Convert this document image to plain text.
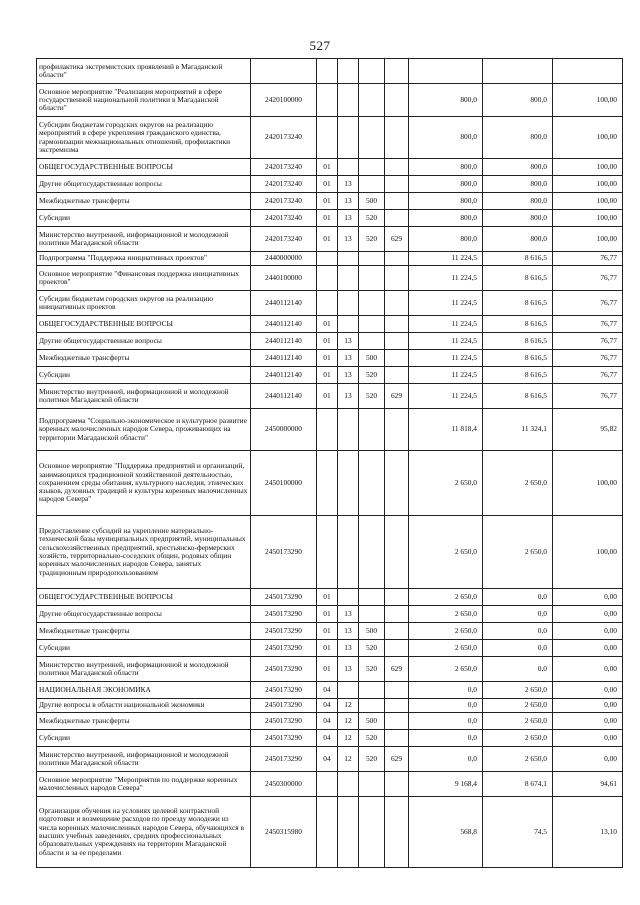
527
профилактика экстремистских проявлений в Магаданской области"								
Основное мероприятие "Реализация мероприятий в сфере государственной национальной политики в Магаданской области"	2420100000					800,0	800,0	100,00
Субсидии бюджетам городских округов на реализацию мероприятий в сфере укрепления гражданского единства, гармонизации межнациональных отношений, профилактики экстремизма	2420173240					800,0	800,0	100,00
ОБЩЕГОСУДАРСТВЕННЫЕ ВОПРОСЫ	2420173240	01				800,0	800,0	100,00
Другие общегосударственные вопросы	2420173240	01	13			800,0	800,0	100,00
Межбюджетные трансферты	2420173240	01	13	500		800,0	800,0	100,00
Субсидии	2420173240	01	13	520		800,0	800,0	100,00
Министерство внутренней, информационной и молодежной политики Магаданской области	2420173240	01	13	520	629	800,0	800,0	100,00
Подпрограмма "Поддержка инициативных проектов"	2440000000					11 224,5	8 616,5	76,77
Основное мероприятие "Финансовая поддержка инициативных проектов"	2440100000					11 224,5	8 616,5	76,77
Субсидии бюджетам городских округов на реализацию инициативных проектов	2440112140					11 224,5	8 616,5	76,77
ОБЩЕГОСУДАРСТВЕННЫЕ ВОПРОСЫ	2440112140	01				11 224,5	8 616,5	76,77
Другие общегосударственные вопросы	2440112140	01	13			11 224,5	8 616,5	76,77
Межбюджетные трансферты	2440112140	01	13	500		11 224,5	8 616,5	76,77
Субсидии	2440112140	01	13	520		11 224,5	8 616,5	76,77
Министерство внутренней, информационной и молодежной политики Магаданской области	2440112140	01	13	520	629	11 224,5	8 616,5	76,77
Подпрограмма "Социально-экономическое и культурное развитие коренных малочисленных народов Севера, проживающих на территории Магаданской области"	2450000000					11 818,4	11 324,1	95,82
Основное мероприятие "Поддержка предприятий и организаций, занимающихся традиционной хозяйственной деятельностью, сохранением среды обитания, культурного наследия, этнических языков, духовных традиций и культуры коренных малочисленных народов Севера"	2450100000					2 650,0	2 650,0	100,00
Предоставление субсидий на укрепление материально-технической базы муниципальных предприятий, муниципальных сельскохозяйственных предприятий, крестьянско-фермерских хозяйств, территориально-соседских общин, родовых общин коренных малочисленных народов Севера, занятых традиционным природопользованием	2450173290					2 650,0	2 650,0	100,00
ОБЩЕГОСУДАРСТВЕННЫЕ ВОПРОСЫ	2450173290	01				2 650,0	0,0	0,00
Другие общегосударственные вопросы	2450173290	01	13			2 650,0	0,0	0,00
Межбюджетные трансферты	2450173290	01	13	500		2 650,0	0,0	0,00
Субсидии	2450173290	01	13	520		2 650,0	0,0	0,00
Министерство внутренней, информационной и молодежной политики Магаданской области	2450173290	01	13	520	629	2 650,0	0,0	0,00
НАЦИОНАЛЬНАЯ ЭКОНОМИКА	2450173290	04				0,0	2 650,0	0,00
Другие вопросы в области национальной экономики	2450173290	04	12			0,0	2 650,0	0,00
Межбюджетные трансферты	2450173290	04	12	500		0,0	2 650,0	0,00
Субсидии	2450173290	04	12	520		0,0	2 650,0	0,00
Министерство внутренней, информационной и молодежной политики Магаданской области	2450173290	04	12	520	629	0,0	2 650,0	0,00
Основное мероприятие "Мероприятия по поддержке коренных малочисленных народов Севера"	2450300000					9 168,4	8 674,1	94,61
Организация обучения на условиях целевой контрактной подготовки и возмещение расходов по проезду молодежи из числа коренных малочисленных народов Севера, обучающихся в высших учебных заведениях, средних профессиональных образовательных учреждениях на территории Магаданской области и за ее пределами	2450315980					568,8	74,5	13,10
